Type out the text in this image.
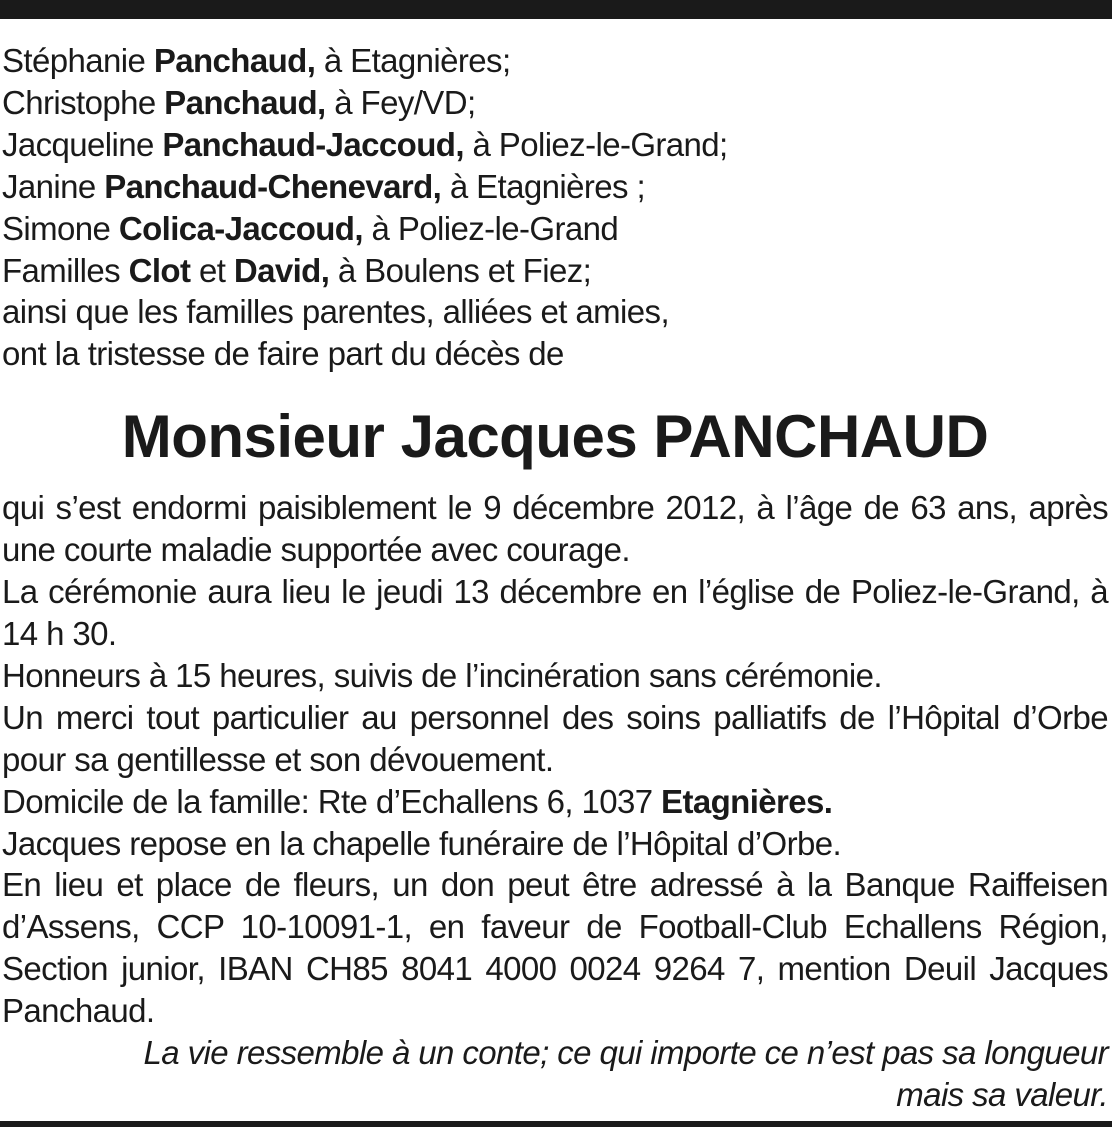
Stéphanie Panchaud, à Etagnières;
Christophe Panchaud, à Fey/VD;
Jacqueline Panchaud-Jaccoud, à Poliez-le-Grand;
Janine Panchaud-Chenevard, à Etagnières ;
Simone Colica-Jaccoud, à Poliez-le-Grand
Familles Clot et David, à Boulens et Fiez;
ainsi que les familles parentes, alliées et amies,
ont la tristesse de faire part du décès de
Monsieur Jacques PANCHAUD
qui s’est endormi paisiblement le 9 décembre 2012, à l’âge de 63 ans, après une courte maladie supportée avec courage.
La cérémonie aura lieu le jeudi 13 décembre en l’église de Poliez-le-Grand, à 14 h 30.
Honneurs à 15 heures, suivis de l’incinération sans cérémonie.
Un merci tout particulier au personnel des soins palliatifs de l’Hôpital d’Orbe pour sa gentillesse et son dévouement.
Domicile de la famille: Rte d’Echallens 6, 1037 Etagnières.
Jacques repose en la chapelle funéraire de l’Hôpital d’Orbe.
En lieu et place de fleurs, un don peut être adressé à la Banque Raiffeisen d’Assens, CCP 10-10091-1, en faveur de Football-Club Echallens Région, Section junior, IBAN CH85 8041 4000 0024 9264 7, mention Deuil Jacques Panchaud.
La vie ressemble à un conte; ce qui importe ce n’est pas sa longueur
mais sa valeur.
